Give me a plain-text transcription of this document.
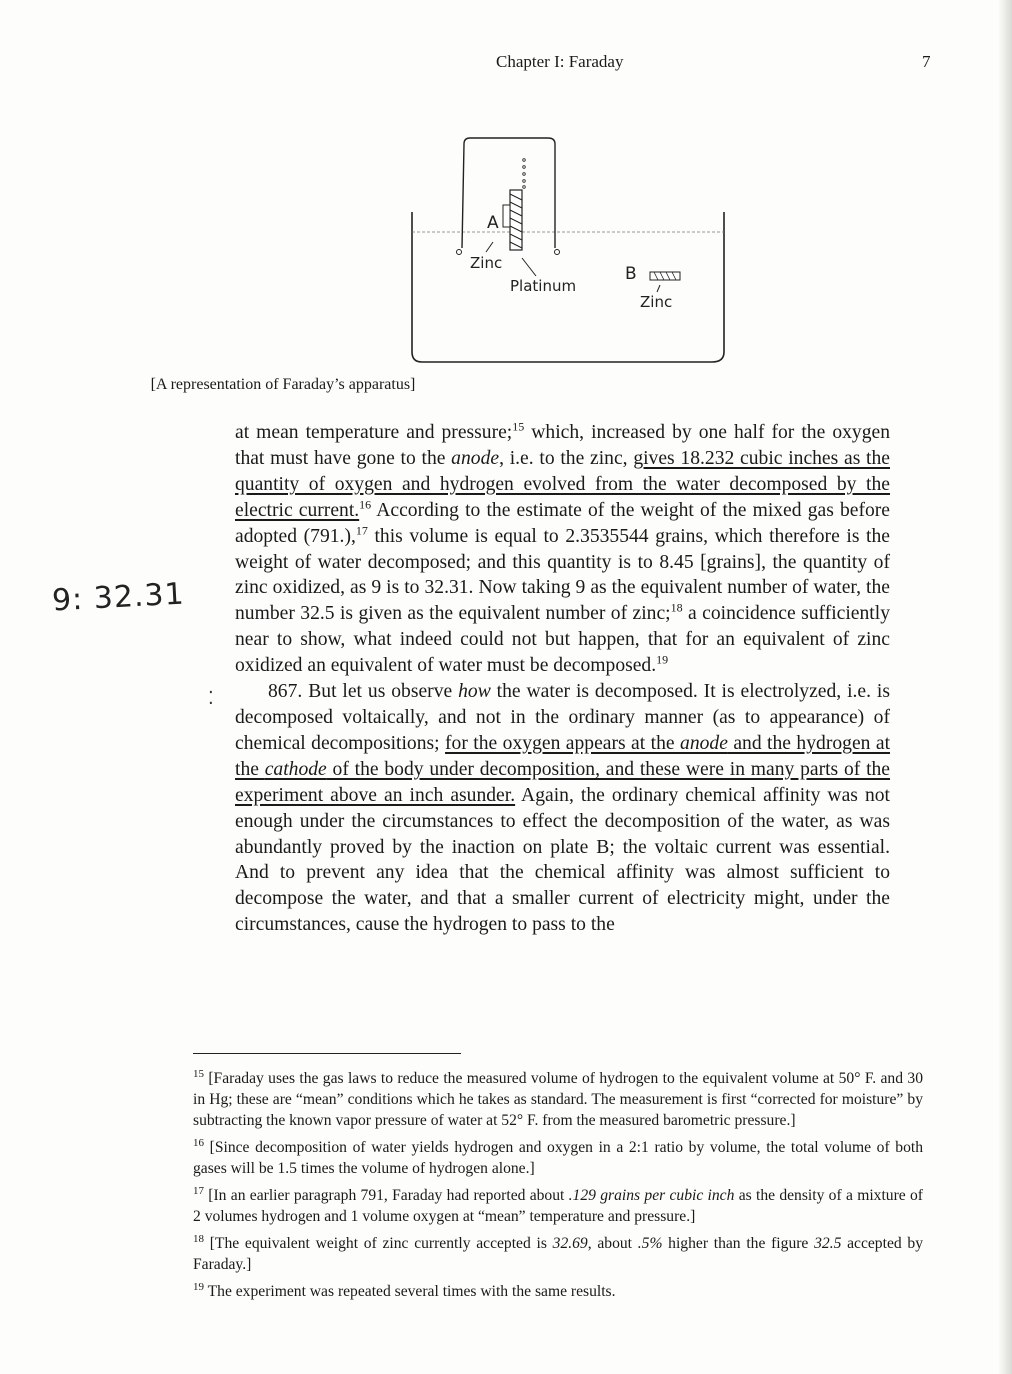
Chapter I: Faraday	7
A
Zinc
Platinum
B
Zinc
[A representation of Faraday’s apparatus]
9: 32.31
⁚

at mean temperature and pressure;$^{15}$ which, increased by one half for the oxygen that must have gone to the anode, i.e. to the zinc, gives 18.232 cubic inches as the quantity of oxygen and hydrogen evolved from the water decomposed by the electric current.$^{16}$ According to the estimate of the weight of the mixed gas before adopted (791.),$^{17}$ this volume is equal to 2.3535544 grains, which therefore is the weight of water decomposed; and this quantity is to 8.45 [grains], the quantity of zinc oxidized, as 9 is to 32.31. Now taking 9 as the equivalent number of water, the number 32.5 is given as the equivalent number of zinc;$^{18}$ a coincidence sufficiently near to show, what indeed could not but happen, that for an equivalent of zinc oxidized an equivalent of water must be decomposed.$^{19}$

867. But let us observe how the water is decomposed. It is electrolyzed, i.e. is decomposed voltaically, and not in the ordinary manner (as to appearance) of chemical decompositions; for the oxygen appears at the anode and the hydrogen at the cathode of the body under decomposition, and these were in many parts of the experiment above an inch asunder. Again, the ordinary chemical affinity was not enough under the circumstances to effect the decomposition of the water, as was abundantly proved by the inaction on plate B; the voltaic current was essential. And to prevent any idea that the chemical affinity was almost sufficient to decompose the water, and that a smaller current of electricity might, under the circumstances, cause the hydrogen to pass to the

$^{15}$ [Faraday uses the gas laws to reduce the measured volume of hydrogen to the equivalent volume at 50° F. and 30 in Hg; these are “mean” conditions which he takes as standard. The measurement is first “corrected for moisture” by subtracting the known vapor pressure of water at 52° F. from the measured barometric pressure.]

$^{16}$ [Since decomposition of water yields hydrogen and oxygen in a 2:1 ratio by volume, the total volume of both gases will be 1.5 times the volume of hydrogen alone.]

$^{17}$ [In an earlier paragraph 791, Faraday had reported about .129 grains per cubic inch as the density of a mixture of 2 volumes hydrogen and 1 volume oxygen at “mean” temperature and pressure.]

$^{18}$ [The equivalent weight of zinc currently accepted is 32.69, about .5% higher than the figure 32.5 accepted by Faraday.]

$^{19}$ The experiment was repeated several times with the same results.
